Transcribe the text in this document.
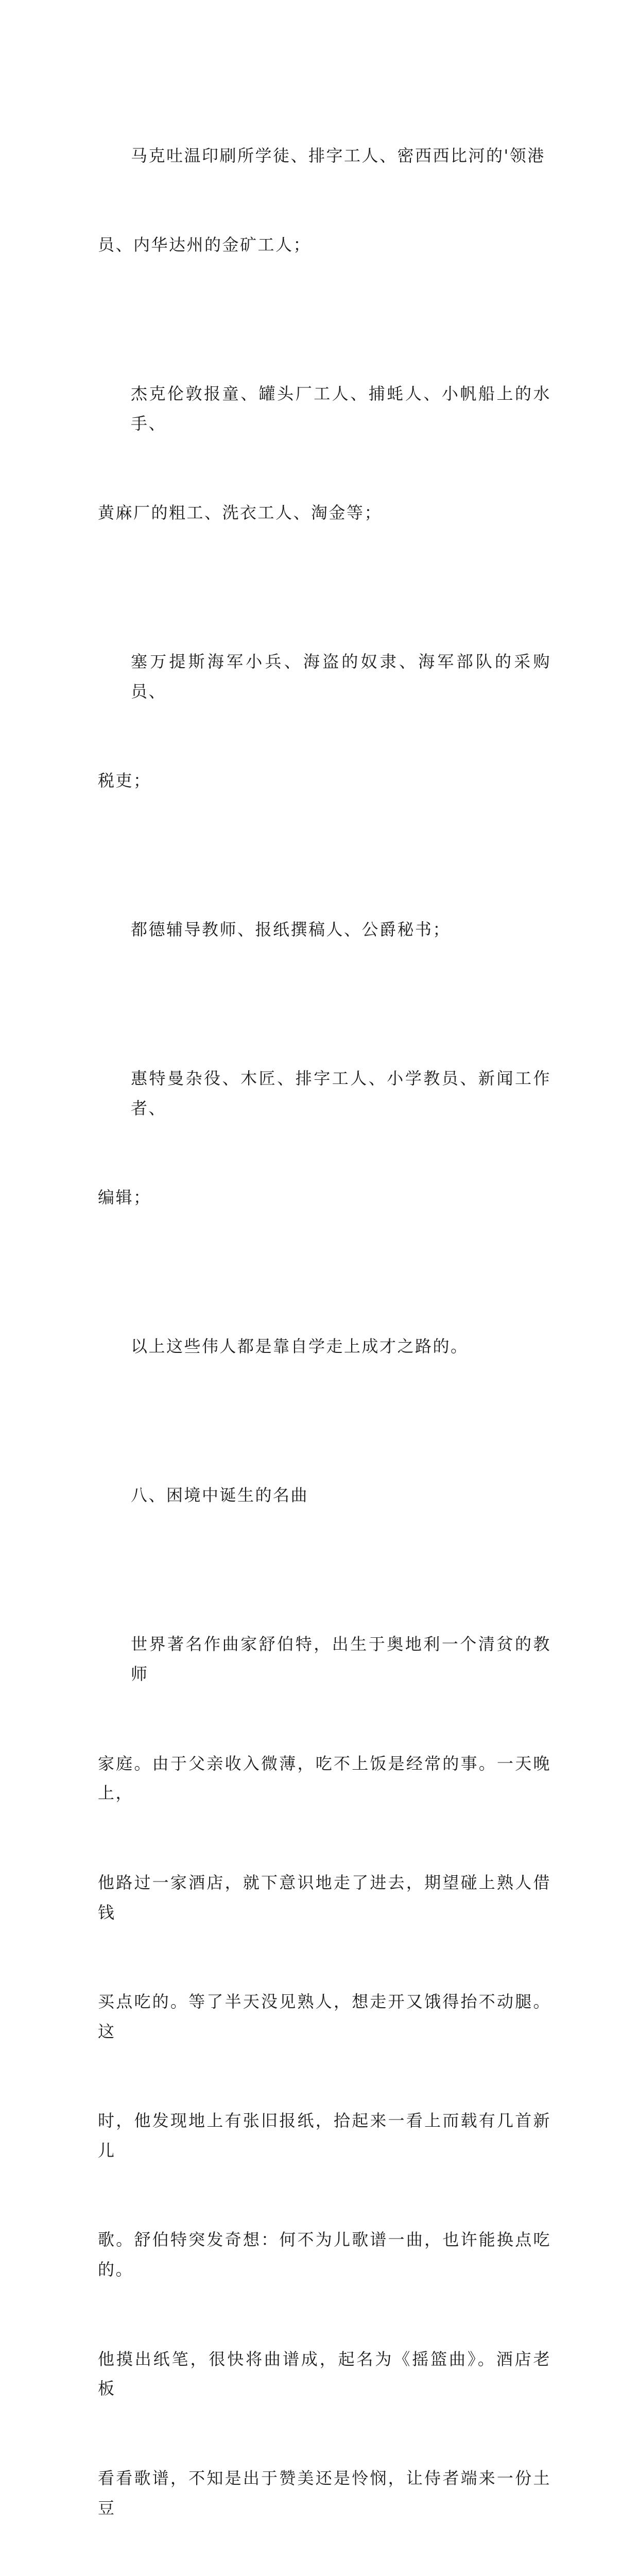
马克吐温印刷所学徒、排字工人、密西西比河的'领港

员、内华达州的金矿工人；

杰克伦敦报童、罐头厂工人、捕蚝人、小帆船上的水手、

黄麻厂的粗工、洗衣工人、淘金等；

塞万提斯海军小兵、海盗的奴隶、海军部队的采购员、

税吏；

都德辅导教师、报纸撰稿人、公爵秘书；

惠特曼杂役、木匠、排字工人、小学教员、新闻工作者、

编辑；

以上这些伟人都是靠自学走上成才之路的。

八、困境中诞生的名曲

世界著名作曲家舒伯特，出生于奥地利一个清贫的教师

家庭。由于父亲收入微薄，吃不上饭是经常的事。一天晚上，

他路过一家酒店，就下意识地走了进去，期望碰上熟人借钱

买点吃的。等了半天没见熟人，想走开又饿得抬不动腿。这

时，他发现地上有张旧报纸，拾起来一看上而载有几首新儿

歌。舒伯特突发奇想：何不为儿歌谱一曲，也许能换点吃的。

他摸出纸笔，很快将曲谱成，起名为《摇篮曲》。酒店老板

看看歌谱，不知是出于赞美还是怜悯，让侍者端来一份土豆
